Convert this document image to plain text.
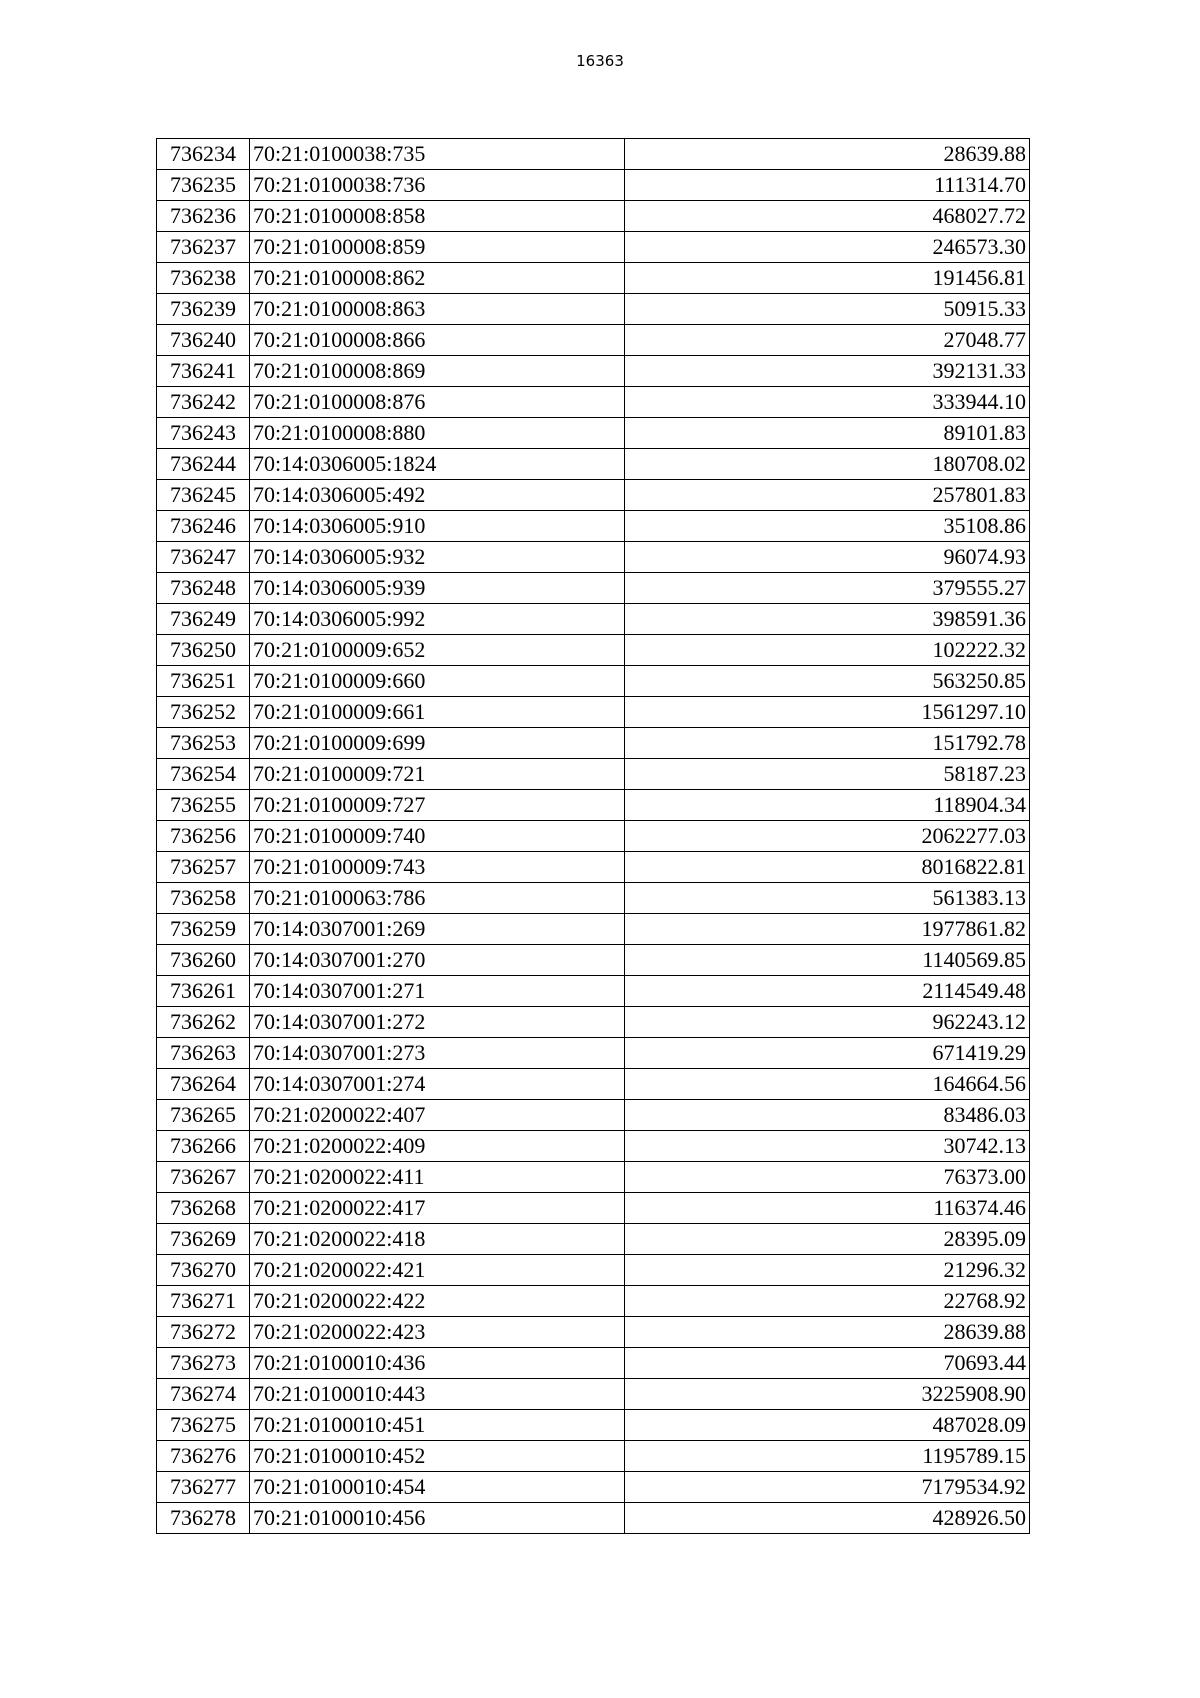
16363
736234	70:21:0100038:735	28639.88
736235	70:21:0100038:736	111314.70
736236	70:21:0100008:858	468027.72
736237	70:21:0100008:859	246573.30
736238	70:21:0100008:862	191456.81
736239	70:21:0100008:863	50915.33
736240	70:21:0100008:866	27048.77
736241	70:21:0100008:869	392131.33
736242	70:21:0100008:876	333944.10
736243	70:21:0100008:880	89101.83
736244	70:14:0306005:1824	180708.02
736245	70:14:0306005:492	257801.83
736246	70:14:0306005:910	35108.86
736247	70:14:0306005:932	96074.93
736248	70:14:0306005:939	379555.27
736249	70:14:0306005:992	398591.36
736250	70:21:0100009:652	102222.32
736251	70:21:0100009:660	563250.85
736252	70:21:0100009:661	1561297.10
736253	70:21:0100009:699	151792.78
736254	70:21:0100009:721	58187.23
736255	70:21:0100009:727	118904.34
736256	70:21:0100009:740	2062277.03
736257	70:21:0100009:743	8016822.81
736258	70:21:0100063:786	561383.13
736259	70:14:0307001:269	1977861.82
736260	70:14:0307001:270	1140569.85
736261	70:14:0307001:271	2114549.48
736262	70:14:0307001:272	962243.12
736263	70:14:0307001:273	671419.29
736264	70:14:0307001:274	164664.56
736265	70:21:0200022:407	83486.03
736266	70:21:0200022:409	30742.13
736267	70:21:0200022:411	76373.00
736268	70:21:0200022:417	116374.46
736269	70:21:0200022:418	28395.09
736270	70:21:0200022:421	21296.32
736271	70:21:0200022:422	22768.92
736272	70:21:0200022:423	28639.88
736273	70:21:0100010:436	70693.44
736274	70:21:0100010:443	3225908.90
736275	70:21:0100010:451	487028.09
736276	70:21:0100010:452	1195789.15
736277	70:21:0100010:454	7179534.92
736278	70:21:0100010:456	428926.50
